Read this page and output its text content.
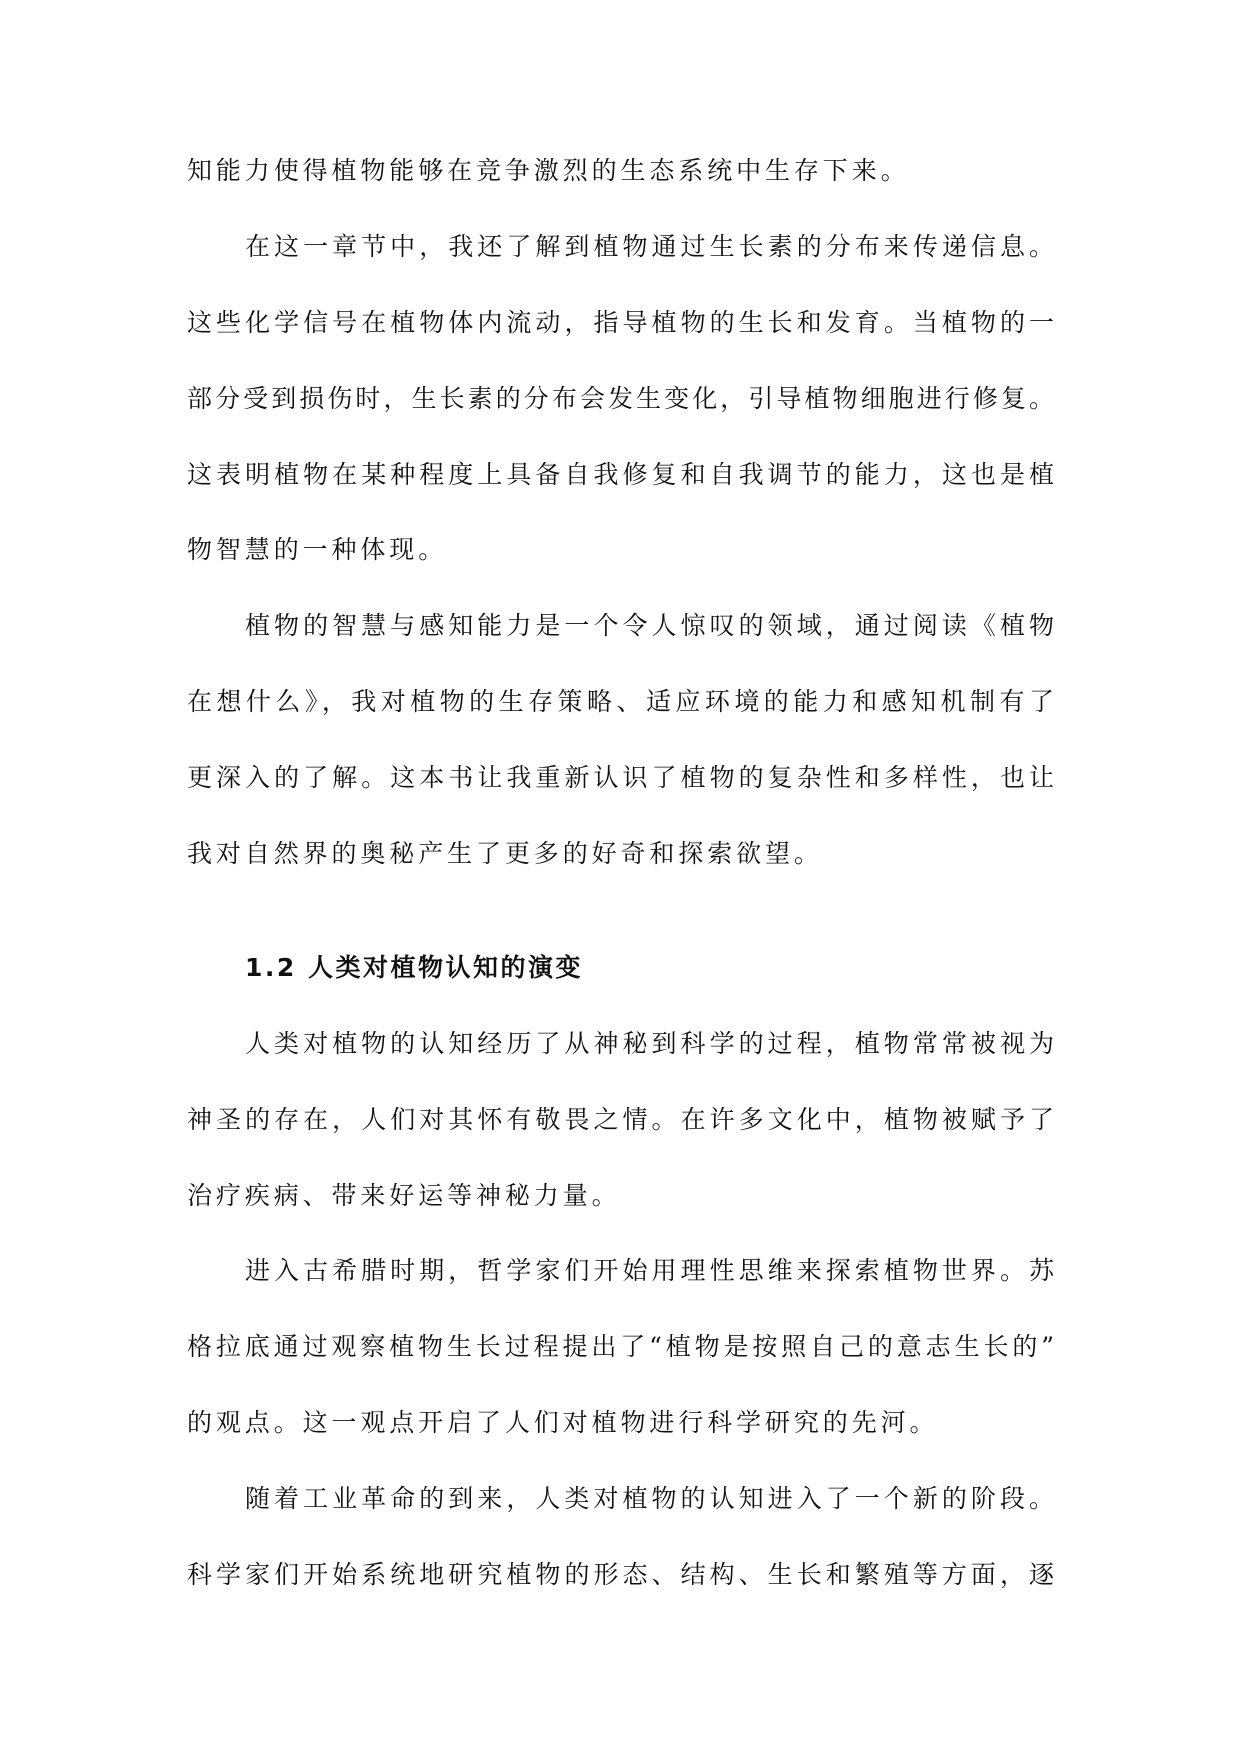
知能力使得植物能够在竞争激烈的生态系统中生存下来。
在这一章节中，我还了解到植物通过生长素的分布来传递信息。
这些化学信号在植物体内流动，指导植物的生长和发育。当植物的一
部分受到损伤时，生长素的分布会发生变化，引导植物细胞进行修复。
这表明植物在某种程度上具备自我修复和自我调节的能力，这也是植
物智慧的一种体现。
植物的智慧与感知能力是一个令人惊叹的领域，通过阅读《植物
在想什么》，我对植物的生存策略、适应环境的能力和感知机制有了
更深入的了解。这本书让我重新认识了植物的复杂性和多样性，也让
我对自然界的奥秘产生了更多的好奇和探索欲望。
1.2 人类对植物认知的演变
人类对植物的认知经历了从神秘到科学的过程，植物常常被视为
神圣的存在，人们对其怀有敬畏之情。在许多文化中，植物被赋予了
治疗疾病、带来好运等神秘力量。
进入古希腊时期，哲学家们开始用理性思维来探索植物世界。苏
格拉底通过观察植物生长过程提出了“植物是按照自己的意志生长的”
的观点。这一观点开启了人们对植物进行科学研究的先河。
随着工业革命的到来，人类对植物的认知进入了一个新的阶段。
科学家们开始系统地研究植物的形态、结构、生长和繁殖等方面，逐
